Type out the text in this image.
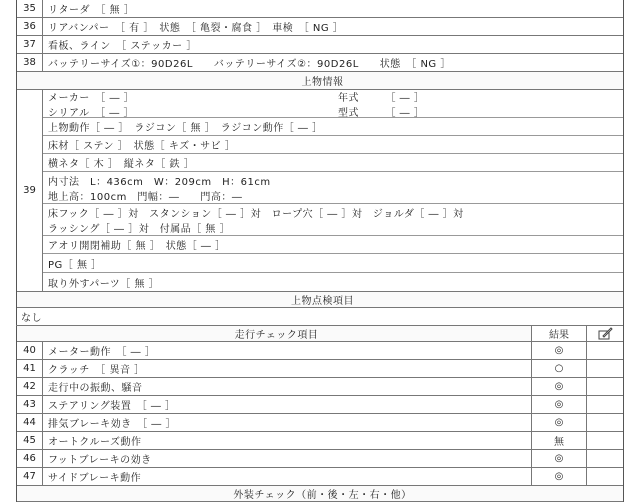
35	リターダ　［ 無 ］
36	リアバンパー　［ 有 ］　状態　［ 亀裂・腐食 ］　車検　［ NG ］
37	看板、ライン　［ ステッカー ］
38	バッテリーサイズ①：90D26L　　バッテリーサイズ②：90D26L　　状態　［ NG ］
上物情報
39
メーカー　［ ― ］	年式　　　［ ― ］
シリアル　［ ― ］	型式　　　［ ― ］
上物動作［ ― ］　ラジコン［ 無 ］　ラジコン動作［ ― ］
床材［ ステン ］　状態［ キズ・サビ ］
横ネタ［ 木 ］　縦ネタ［ 鉄 ］
内寸法　L：436cm　W：209cm　H：61cm
地上高：100cm　門幅：―　　門高：―
床フック［ ― ］対　スタンション［ ― ］対　ロープ穴［ ― ］対　ジョルダ［ ― ］対
ラッシング［ ― ］対　付属品［ 無 ］
アオリ開閉補助［ 無 ］　状態［ ― ］
PG［ 無 ］
取り外すパーツ［ 無 ］
上物点検項目
なし
走行チェック項目	結果
40	メーター動作　［ ― ］	◎
41	クラッチ　［ 異音 ］	○
42	走行中の振動、騒音	◎
43	ステアリング装置　［ ― ］	◎
44	排気ブレーキ効き　［ ― ］	◎
45	オートクルーズ動作	無
46	フットブレーキの効き	◎
47	サイドブレーキ動作	◎
外装チェック（前・後・左・右・他）
